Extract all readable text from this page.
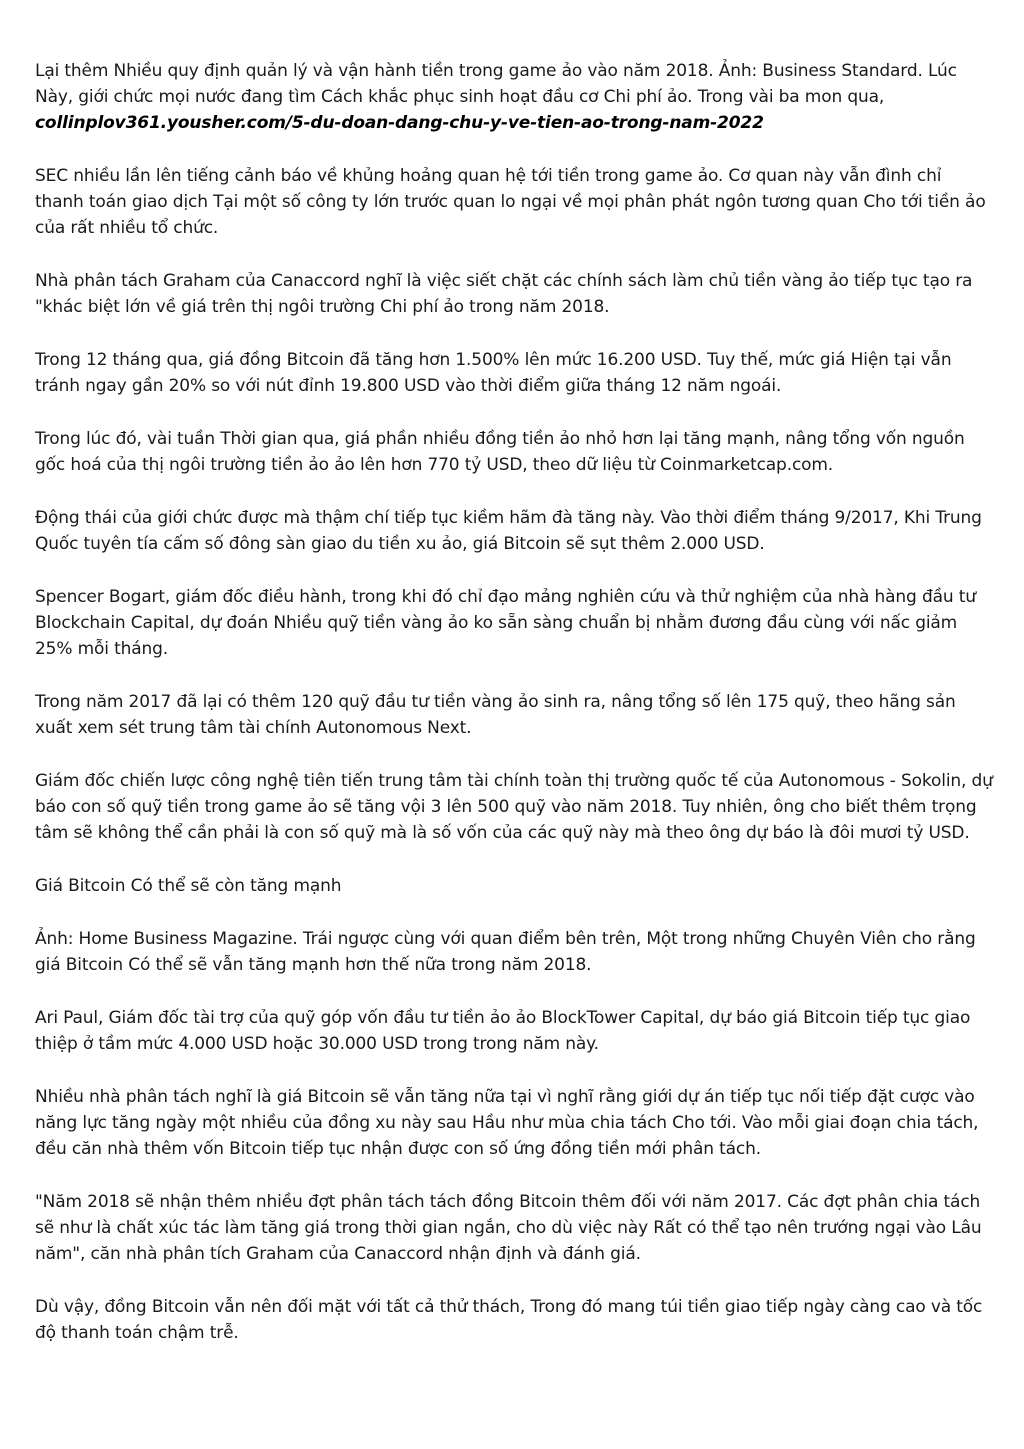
Lại thêm Nhiều quy định quản lý và vận hành tiền trong game ảo vào năm 2018. Ảnh: Business Standard. Lúc Này, giới chức mọi nước đang tìm Cách khắc phục sinh hoạt đầu cơ Chi phí ảo. Trong vài ba mon qua,
collinplov361.yousher.com/5-du-doan-dang-chu-y-ve-tien-ao-trong-nam-2022

SEC nhiều lần lên tiếng cảnh báo về khủng hoảng quan hệ tới tiền trong game ảo. Cơ quan này vẫn đình chỉ thanh toán giao dịch Tại một số công ty lớn trước quan lo ngại về mọi phân phát ngôn tương quan Cho tới tiền ảo của rất nhiều tổ chức.

Nhà phân tách Graham của Canaccord nghĩ là việc siết chặt các chính sách làm chủ tiền vàng ảo tiếp tục tạo ra "khác biệt lớn về giá trên thị ngôi trường Chi phí ảo trong năm 2018.

Trong 12 tháng qua, giá đồng Bitcoin đã tăng hơn 1.500% lên mức 16.200 USD. Tuy thế, mức giá Hiện tại vẫn tránh ngay gần 20% so với nút đỉnh 19.800 USD vào thời điểm giữa tháng 12 năm ngoái.

Trong lúc đó, vài tuần Thời gian qua, giá phần nhiều đồng tiền ảo nhỏ hơn lại tăng mạnh, nâng tổng vốn nguồn gốc hoá của thị ngôi trường tiền ảo ảo lên hơn 770 tỷ USD, theo dữ liệu từ Coinmarketcap.com.

Động thái của giới chức được mà thậm chí tiếp tục kiềm hãm đà tăng này. Vào thời điểm tháng 9/2017, Khi Trung Quốc tuyên tía cấm số đông sàn giao du tiền xu ảo, giá Bitcoin sẽ sụt thêm 2.000 USD.

Spencer Bogart, giám đốc điều hành, trong khi đó chỉ đạo mảng nghiên cứu và thử nghiệm của nhà hàng đầu tư Blockchain Capital, dự đoán Nhiều quỹ tiền vàng ảo ko sẵn sàng chuẩn bị nhằm đương đầu cùng với nấc giảm 25% mỗi tháng.

Trong năm 2017 đã lại có thêm 120 quỹ đầu tư tiền vàng ảo sinh ra, nâng tổng số lên 175 quỹ, theo hãng sản xuất xem sét trung tâm tài chính Autonomous Next.

Giám đốc chiến lược công nghệ tiên tiến trung tâm tài chính toàn thị trường quốc tế của Autonomous - Sokolin, dự báo con số quỹ tiền trong game ảo sẽ tăng vội 3 lên 500 quỹ vào năm 2018. Tuy nhiên, ông cho biết thêm trọng tâm sẽ không thể cần phải là con số quỹ mà là số vốn của các quỹ này mà theo ông dự báo là đôi mươi tỷ USD.

Giá Bitcoin Có thể sẽ còn tăng mạnh

Ảnh: Home Business Magazine. Trái ngược cùng với quan điểm bên trên, Một trong những Chuyên Viên cho rằng giá Bitcoin Có thể sẽ vẫn tăng mạnh hơn thế nữa trong năm 2018.

Ari Paul, Giám đốc tài trợ của quỹ góp vốn đầu tư tiền ảo ảo BlockTower Capital, dự báo giá Bitcoin tiếp tục giao thiệp ở tầm mức 4.000 USD hoặc 30.000 USD trong trong năm này.

Nhiều nhà phân tách nghĩ là giá Bitcoin sẽ vẫn tăng nữa tại vì nghĩ rằng giới dự án tiếp tục nối tiếp đặt cược vào năng lực tăng ngày một nhiều của đồng xu này sau Hầu như mùa chia tách Cho tới. Vào mỗi giai đoạn chia tách, đều căn nhà thêm vốn Bitcoin tiếp tục nhận được con số ứng đồng tiền mới phân tách.

"Năm 2018 sẽ nhận thêm nhiều đợt phân tách tách đồng Bitcoin thêm đối với năm 2017. Các đợt phân chia tách sẽ như là chất xúc tác làm tăng giá trong thời gian ngắn, cho dù việc này Rất có thể tạo nên trướng ngại vào Lâu năm", căn nhà phân tích Graham của Canaccord nhận định và đánh giá.

Dù vậy, đồng Bitcoin vẫn nên đối mặt với tất cả thử thách, Trong đó mang túi tiền giao tiếp ngày càng cao và tốc độ thanh toán chậm trễ.
